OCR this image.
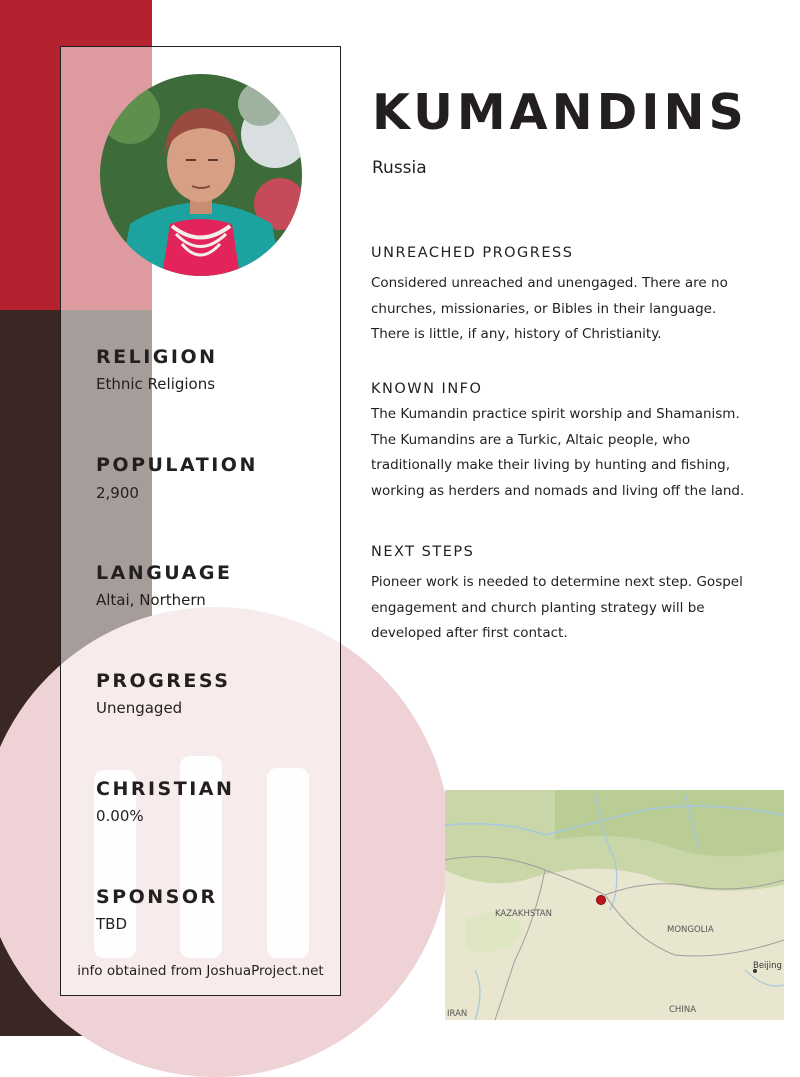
RELIGION
Ethnic Religions
POPULATION
2,900
LANGUAGE
Altai, Northern
PROGRESS
Unengaged
CHRISTIAN
0.00%
SPONSOR
TBD
info obtained from JoshuaProject.net
KUMANDINS
Russia
UNREACHED PROGRESS
Considered unreached and unengaged. There are no churches, missionaries, or Bibles in their language. There is little, if any, history of Christianity.
KNOWN INFO
The Kumandin practice spirit worship and Shamanism. The Kumandins are a Turkic, Altaic people, who traditionally make their living by hunting and fishing, working as herders and nomads and living off the land.
NEXT STEPS
Pioneer work is needed to determine next step. Gospel engagement and church planting strategy will be developed after first contact.
KAZAKHSTAN
MONGOLIA
Beijing
IRAN	CHINA
